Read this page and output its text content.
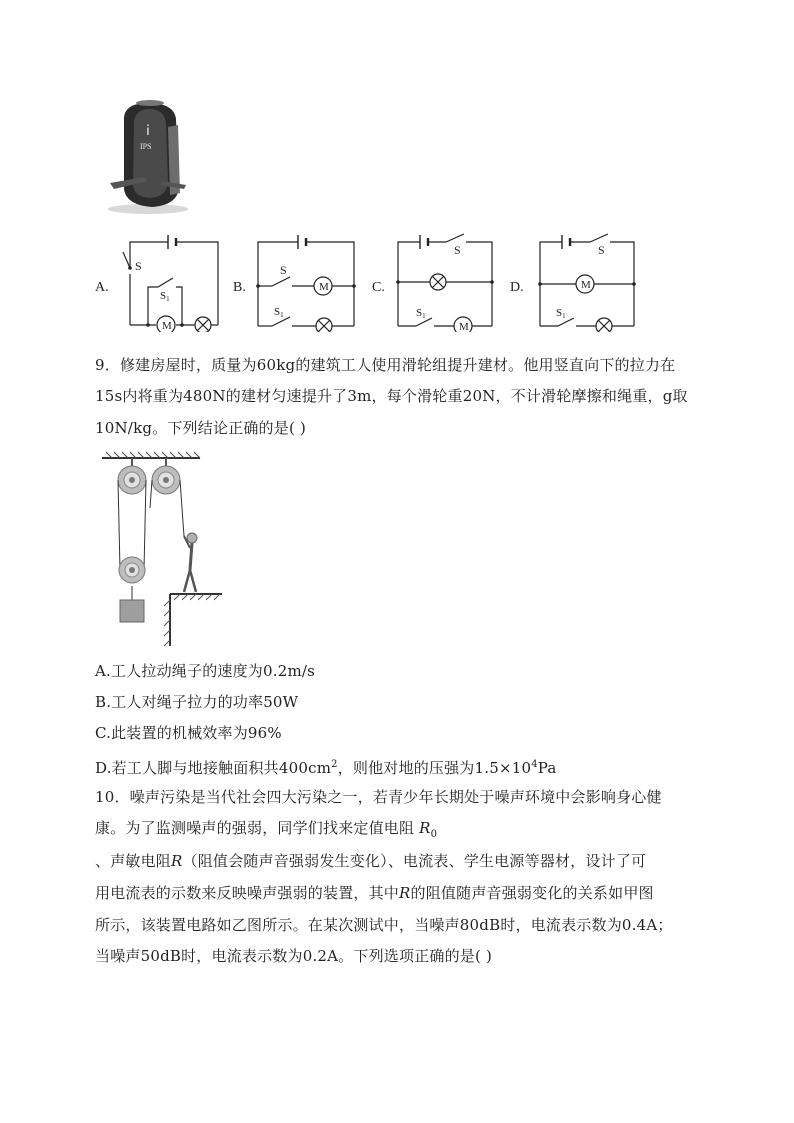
ⅰ
IPS
A.
S
S1
M
B.
S
S1
M	C.
S
S1
M
D.
S
S1
M
9．修建房屋时，质量为60kg的建筑工人使用滑轮组提升建材。他用竖直向下的拉力在
15s内将重为480N的建材匀速提升了3m，每个滑轮重20N，不计滑轮摩擦和绳重，g取
10N/kg。下列结论正确的是( )
A.工人拉动绳子的速度为0.2m/s
B.工人对绳子拉力的功率50W
C.此装置的机械效率为96%
D.若工人脚与地接触面积共$400cm^2$，则他对地的压强为$1.5\times 10^4Pa$
10．噪声污染是当代社会四大污染之一，若青少年长期处于噪声环境中会影响身心健
康。为了监测噪声的强弱，同学们找来定值电阻 $R_0$
、声敏电阻R（阻值会随声音强弱发生变化）、电流表、学生电源等器材，设计了可
用电流表的示数来反映噪声强弱的装置，其中R的阻值随声音强弱变化的关系如甲图
所示，该装置电路如乙图所示。在某次测试中，当噪声80dB时，电流表示数为0.4A；
当噪声50dB时，电流表示数为0.2A。下列选项正确的是( )
